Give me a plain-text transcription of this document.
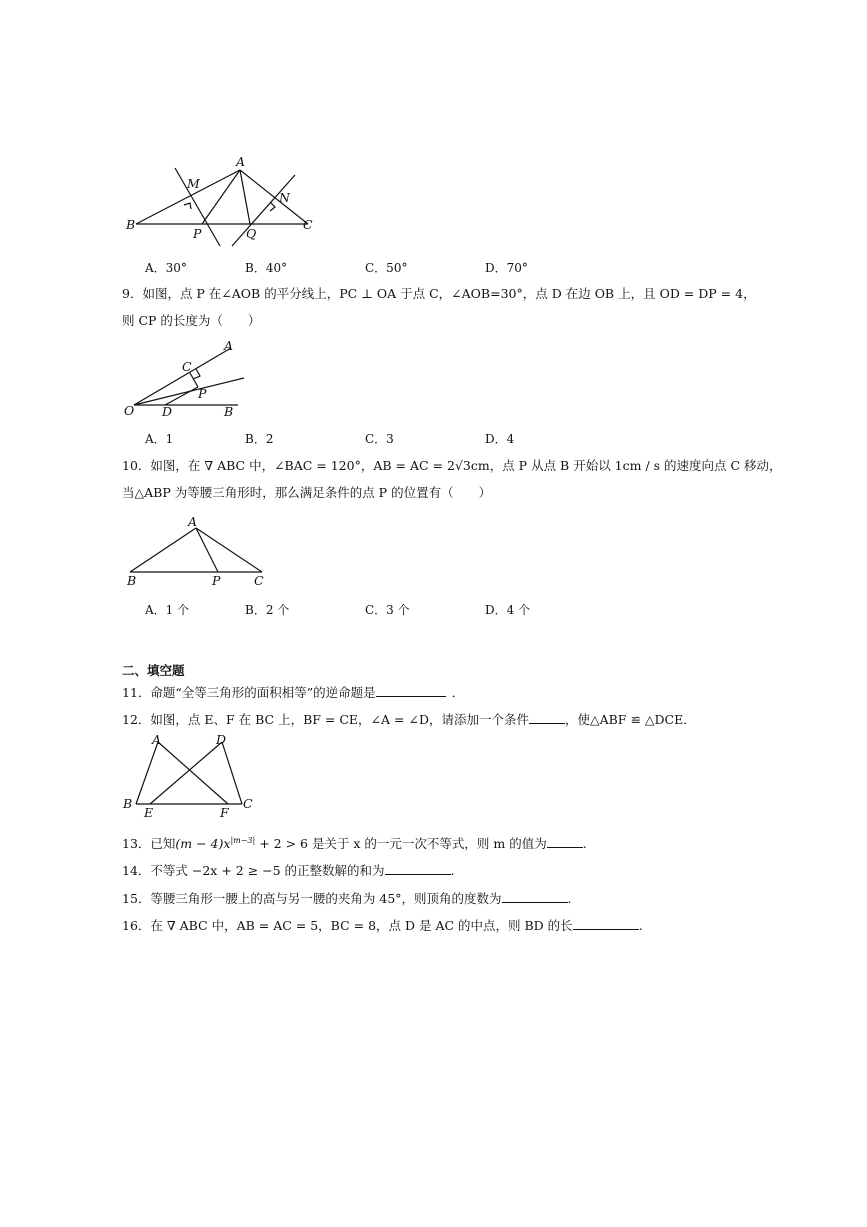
A
M
N
B
P	Q
C
A．30°	B．40°	C．50°	D．70°
9．如图，点 P 在∠AOB 的平分线上，PC ⊥ OA 于点 C，∠AOB=30°，点 D 在边 OB 上，且 OD = DP = 4，
则 CP 的长度为（　　）
A
C
P
O D	B
A．1	B．2	C．3	D．4
10．如图，在 ∇ ABC 中，∠BAC = 120°，AB = AC = 2√3cm，点 P 从点 B 开始以 1cm / s 的速度向点 C 移动，
当△ABP 为等腰三角形时，那么满足条件的点 P 的位置有（　　）
A
B	P	C
A．1 个	B．2 个	C．3 个	D．4 个
二、填空题
11．命题“全等三角形的面积相等”的逆命题是	．
12．如图，点 E、F 在 BC 上，BF = CE，∠A = ∠D，请添加一个条件	，使△ABF ≌ △DCE．
A	D
B
E	F
C
13．已知$(m - 4)x^{|m-3|} + 2 > 6$ 是关于 x 的一元一次不等式，则 m 的值为	.
14．不等式 −2x + 2 ≥ −5 的正整数解的和为	.
15．等腰三角形一腰上的高与另一腰的夹角为 45°，则顶角的度数为	.
16．在 ∇ ABC 中，AB = AC = 5，BC = 8，点 D 是 AC 的中点，则 BD 的长	.
